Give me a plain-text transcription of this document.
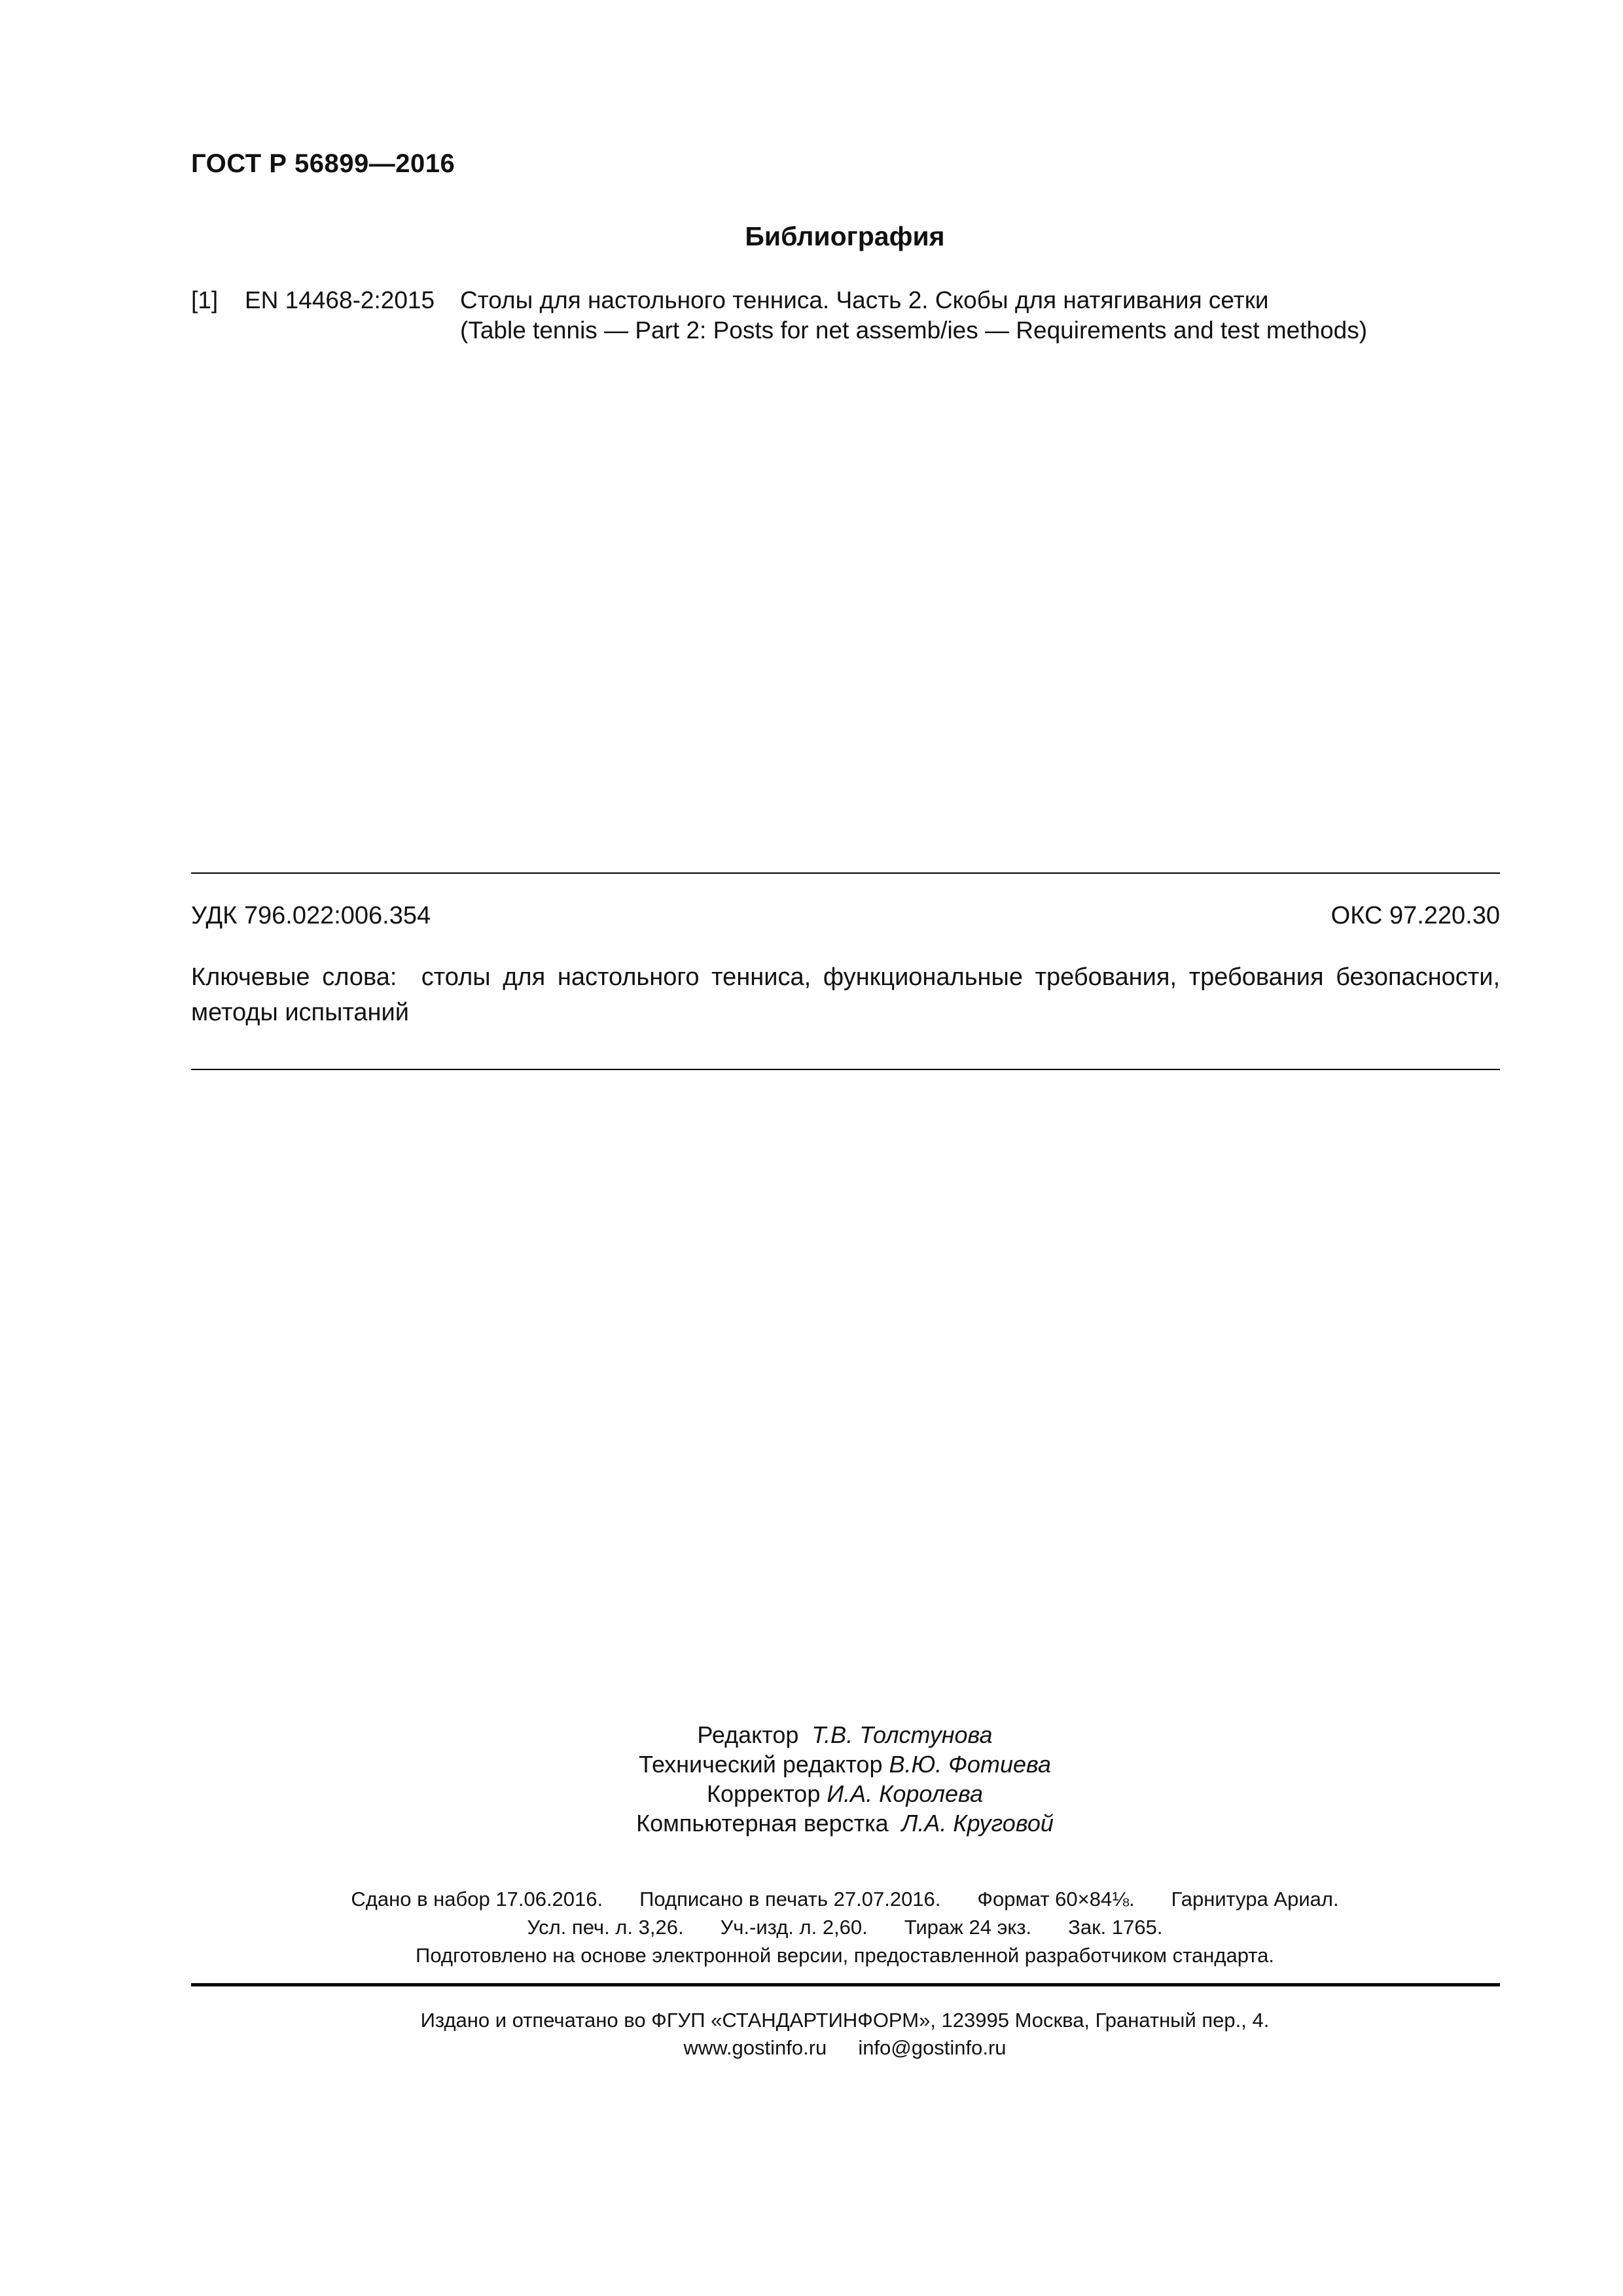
ГОСТ Р 56899—2016
Библиография
[1] EN 14468-2:2015 Столы для настольного тенниса. Часть 2. Скобы для натягивания сетки
(Table tennis — Part 2: Posts for net assemb/ies — Requirements and test methods)
УДК 796.022:006.354	ОКС 97.220.30
Ключевые слова: столы для настольного тенниса, функциональные требования, требования безопасности, методы испытаний
Редактор Т.В. Толстунова
Технический редактор В.Ю. Фотиева
Корректор И.А. Королева
Компьютерная верстка Л.А. Круговой
Сдано в набор 17.06.2016. Подписано в печать 27.07.2016. Формат 60×84⅛. Гарнитура Ариал.
Усл. печ. л. 3,26. Уч.-изд. л. 2,60. Тираж 24 экз. Зак. 1765.
Подготовлено на основе электронной версии, предоставленной разработчиком стандарта.
Издано и отпечатано во ФГУП «СТАНДАРТИНФОРМ», 123995 Москва, Гранатный пер., 4.
www.gostinfo.ru info@gostinfo.ru
